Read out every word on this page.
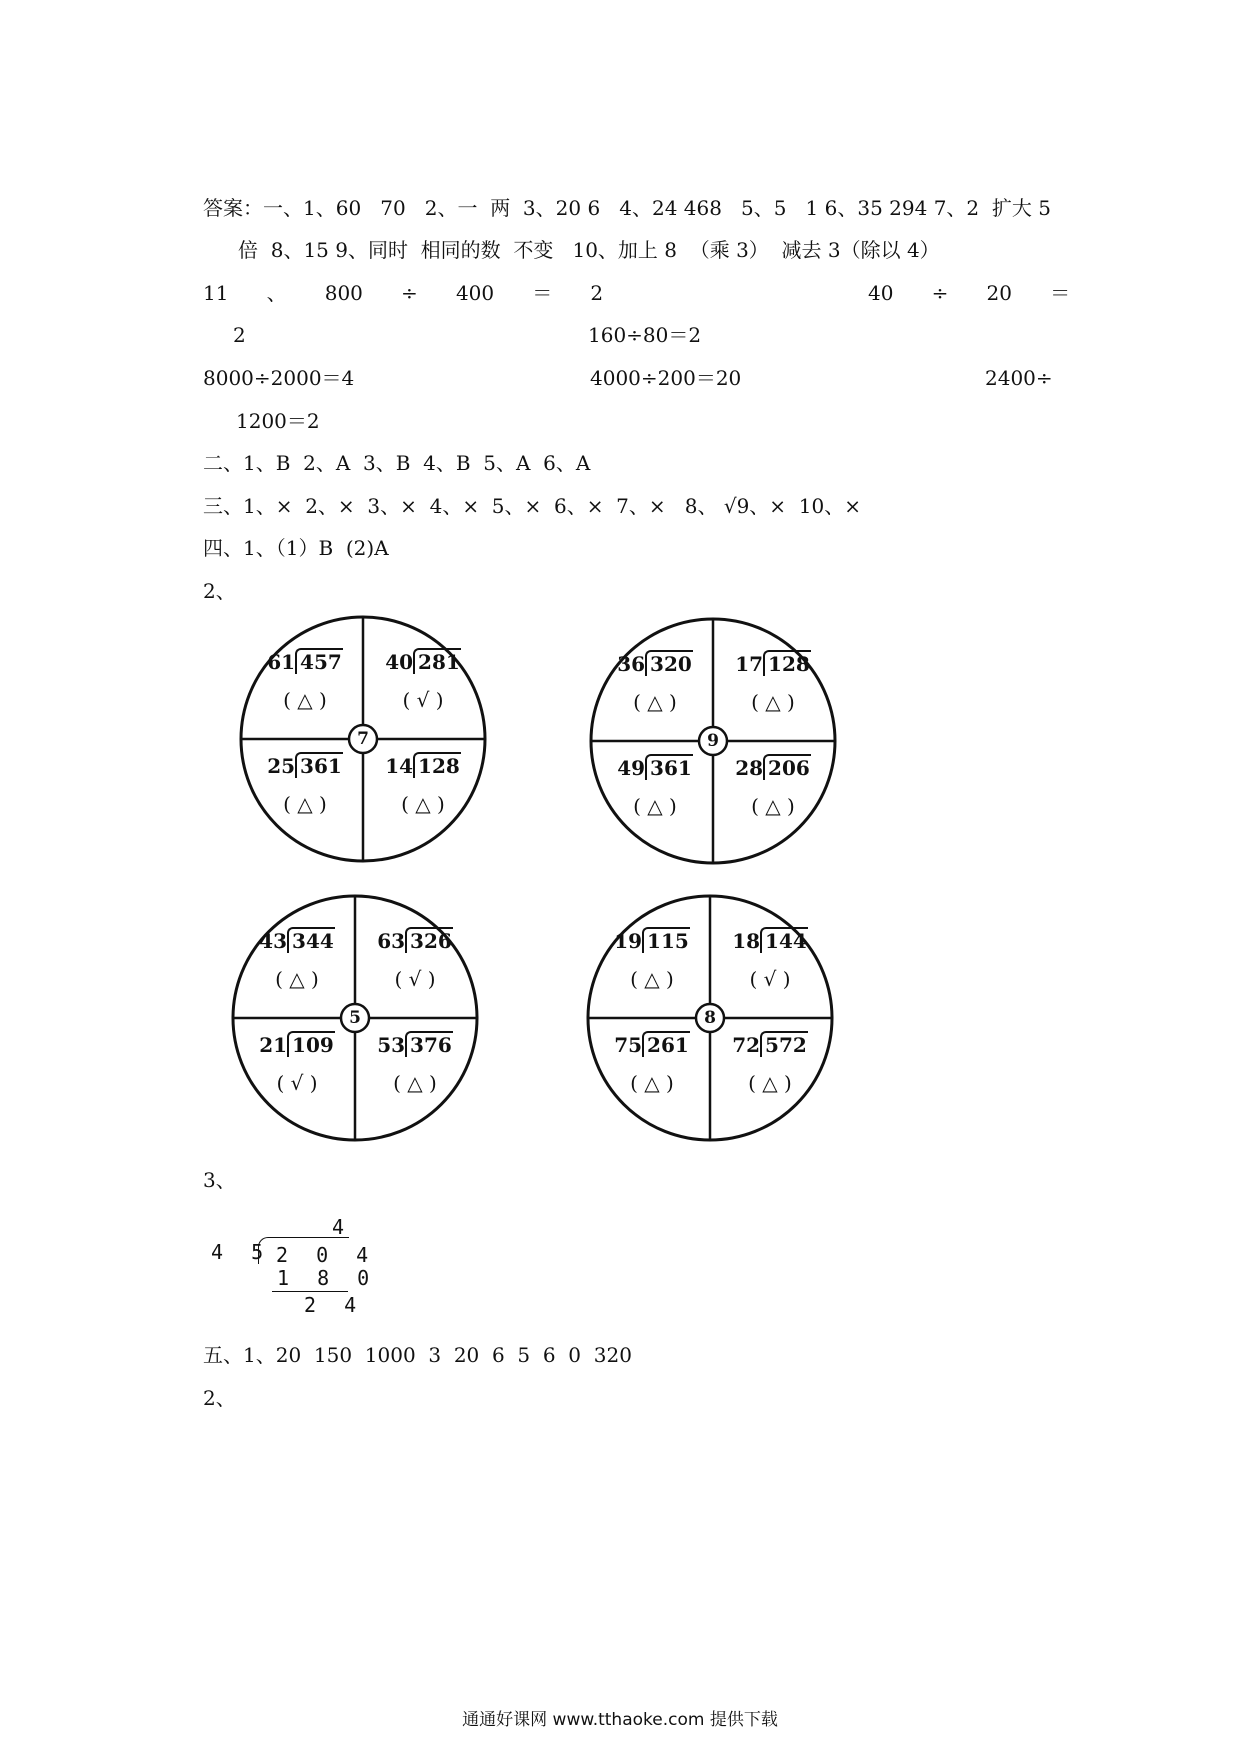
答案：一、1、60   70   2、一  两  3、20 6   4、24 468   5、5   1 6、35 294 7、2  扩大 5
倍  8、15 9、同时  相同的数  不变   10、加上 8  （乘 3）  减去 3（除以 4）
11      、      800      ÷      400      ＝      2	40      ÷      20      ＝
2	160÷80＝2
8000÷2000＝4	4000÷200＝20	2400÷
1200＝2
二、1、B  2、A  3、B  4、B  5、A  6、A
三、1、×  2、×  3、×  4、×  5、×  6、×  7、×   8、 √9、×  10、×
四、1、（1）B  (2)A
2、
7
61 457
( △ )
40 281
( √ )
25 361
( △ )
14 128
( △ )
9
36 320
( △ )
17 128
( △ )
49 361
( △ )
28 206
( △ )
5
43 344
( △ )
63 326
( √ )
21 109
( √ )
53 376
( △ )
8
19 115
( △ )
18 144
( √ )
75 261
( △ )
72 572
( △ )
3、
4
4 5 2 0 4
1 8 0
2 4
五、1、20  150  1000  3  20  6  5  6  0  320
2、
通通好课网 www.tthaoke.com 提供下载
